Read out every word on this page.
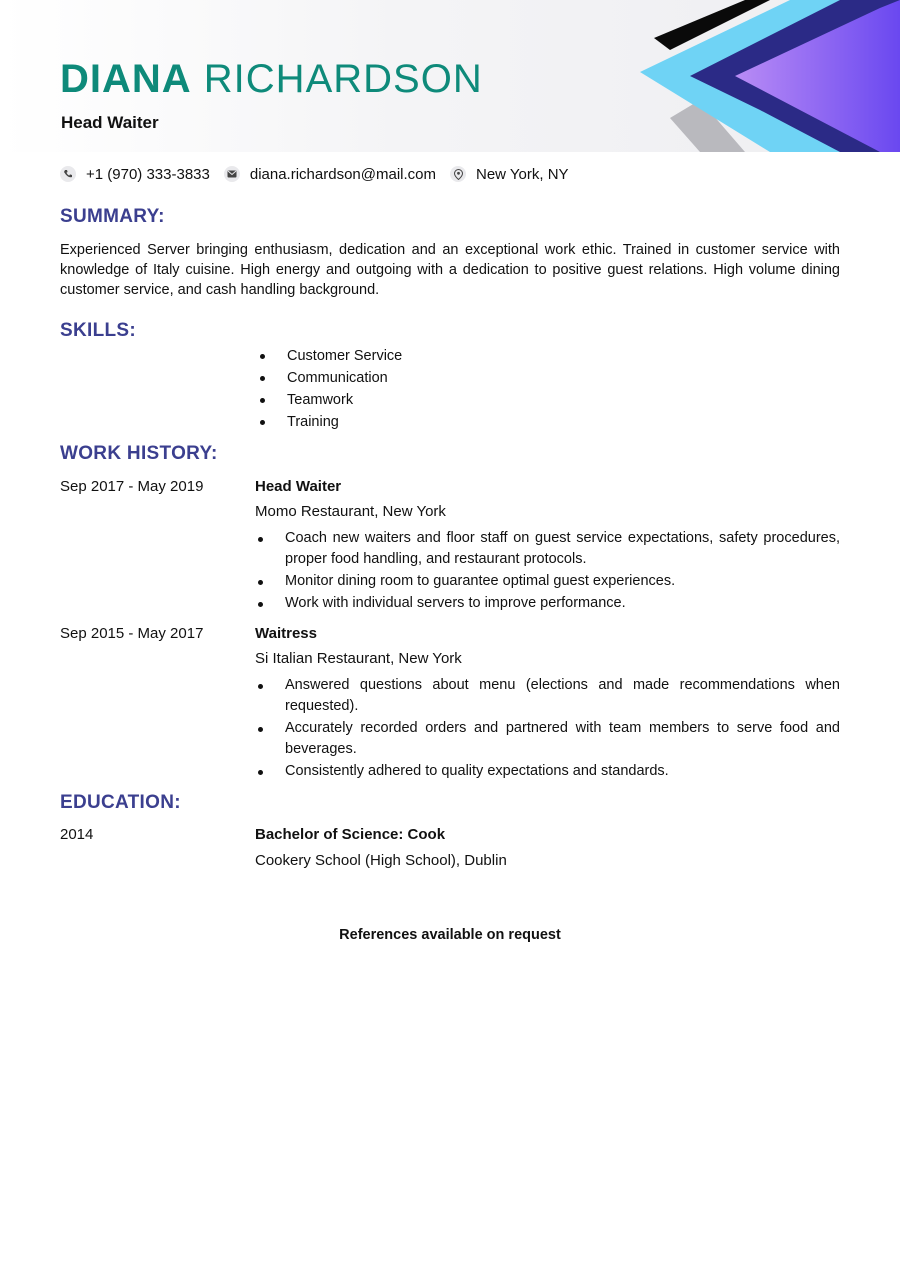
DIANA RICHARDSON
Head Waiter
+1 (970) 333-3833	diana.richardson@mail.com	New York, NY
SUMMARY:

Experienced Server bringing enthusiasm, dedication and an exceptional work ethic. Trained in customer service with knowledge of Italy cuisine. High energy and outgoing with a dedication to positive guest relations. High volume dining customer service, and cash handling background.

SKILLS:
Customer Service
Communication
Teamwork
Training
WORK HISTORY:
Sep 2017 - May 2019	Head Waiter
Momo Restaurant, New York
Coach new waiters and floor staff on guest service expectations, safety procedures, proper food handling, and restaurant protocols.
Monitor dining room to guarantee optimal guest experiences.
Work with individual servers to improve performance.
Sep 2015 - May 2017	Waitress
Si Italian Restaurant, New York
Answered questions about menu (elections and made recommendations when requested).
Accurately recorded orders and partnered with team members to serve food and beverages.
Consistently adhered to quality expectations and standards.
EDUCATION:
2014	Bachelor of Science: Cook
Cookery School (High School), Dublin
References available on request
